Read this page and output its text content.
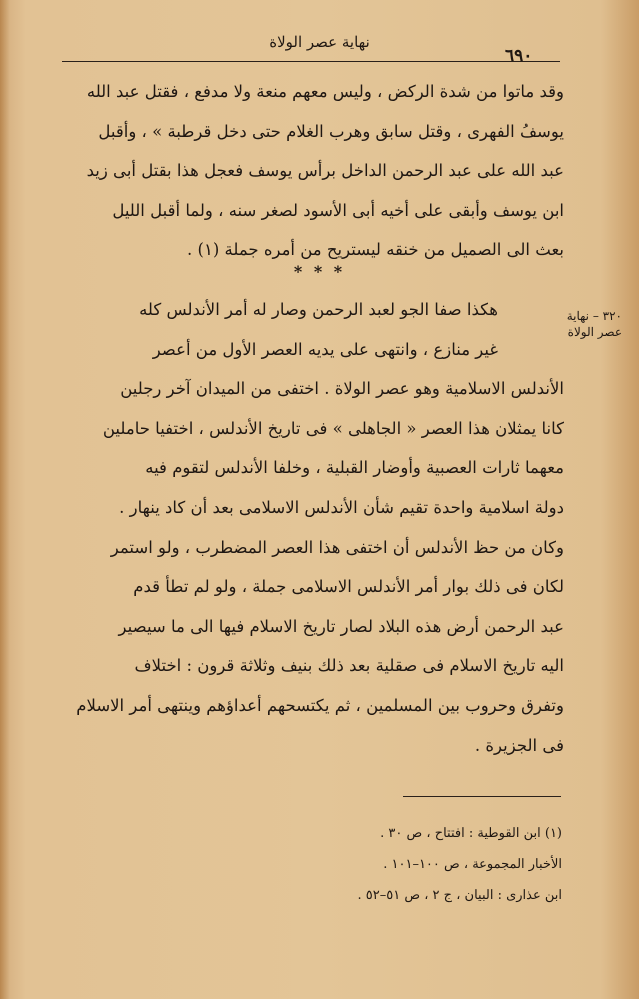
نهاية عصر الولاة
٦٩٠
وقد ماتوا من شدة الركض ، وليس معهم منعة ولا مدفع ، فقتل عبد الله
يوسفُ الفهرى ، وقتل سابق وهرب الغلام حتى دخل قرطبة » ، وأقبل
عبد الله على عبد الرحمن الداخل برأس يوسف فعجل هذا بقتل أبى زيد
ابن يوسف وأبقى على أخيه أبى الأسود لصغر سنه ، ولما أقبل الليل
بعث الى الصميل من خنقه ليستريح من أمره جملة (١) .
* * *
٣٢٠ – نهاية
عصر الولاة
هكذا صفا الجو لعبد الرحمن وصار له أمر الأندلس كله
غير منازع ، وانتهى على يديه العصر الأول من أعصر
الأندلس الاسلامية وهو عصر الولاة . اختفى من الميدان آخر رجلين
كانا يمثلان هذا العصر « الجاهلى » فى تاريخ الأندلس ، اختفيا حاملين
معهما ثارات العصبية وأوضار القبلية ، وخلفا الأندلس لتقوم فيه
دولة اسلامية واحدة تقيم شأن الأندلس الاسلامى بعد أن كاد ينهار .
وكان من حظ الأندلس أن اختفى هذا العصر المضطرب ، ولو استمر
لكان فى ذلك بوار أمر الأندلس الاسلامى جملة ، ولو لم تطأ قدم
عبد الرحمن أرض هذه البلاد لصار تاريخ الاسلام فيها الى ما سيصير
اليه تاريخ الاسلام فى صقلية بعد ذلك بنيف وثلاثة قرون : اختلاف
وتفرق وحروب بين المسلمين ، ثم يكتسحهم أعداؤهم وينتهى أمر الاسلام
فى الجزيرة .
(١) ابن القوطية : افتتاح ، ص ٣٠ .
الأخبار المجموعة ، ص ١٠٠–١٠١ .
ابن عذارى : البيان ، ج ٢ ، ص ٥١–٥٢ .
